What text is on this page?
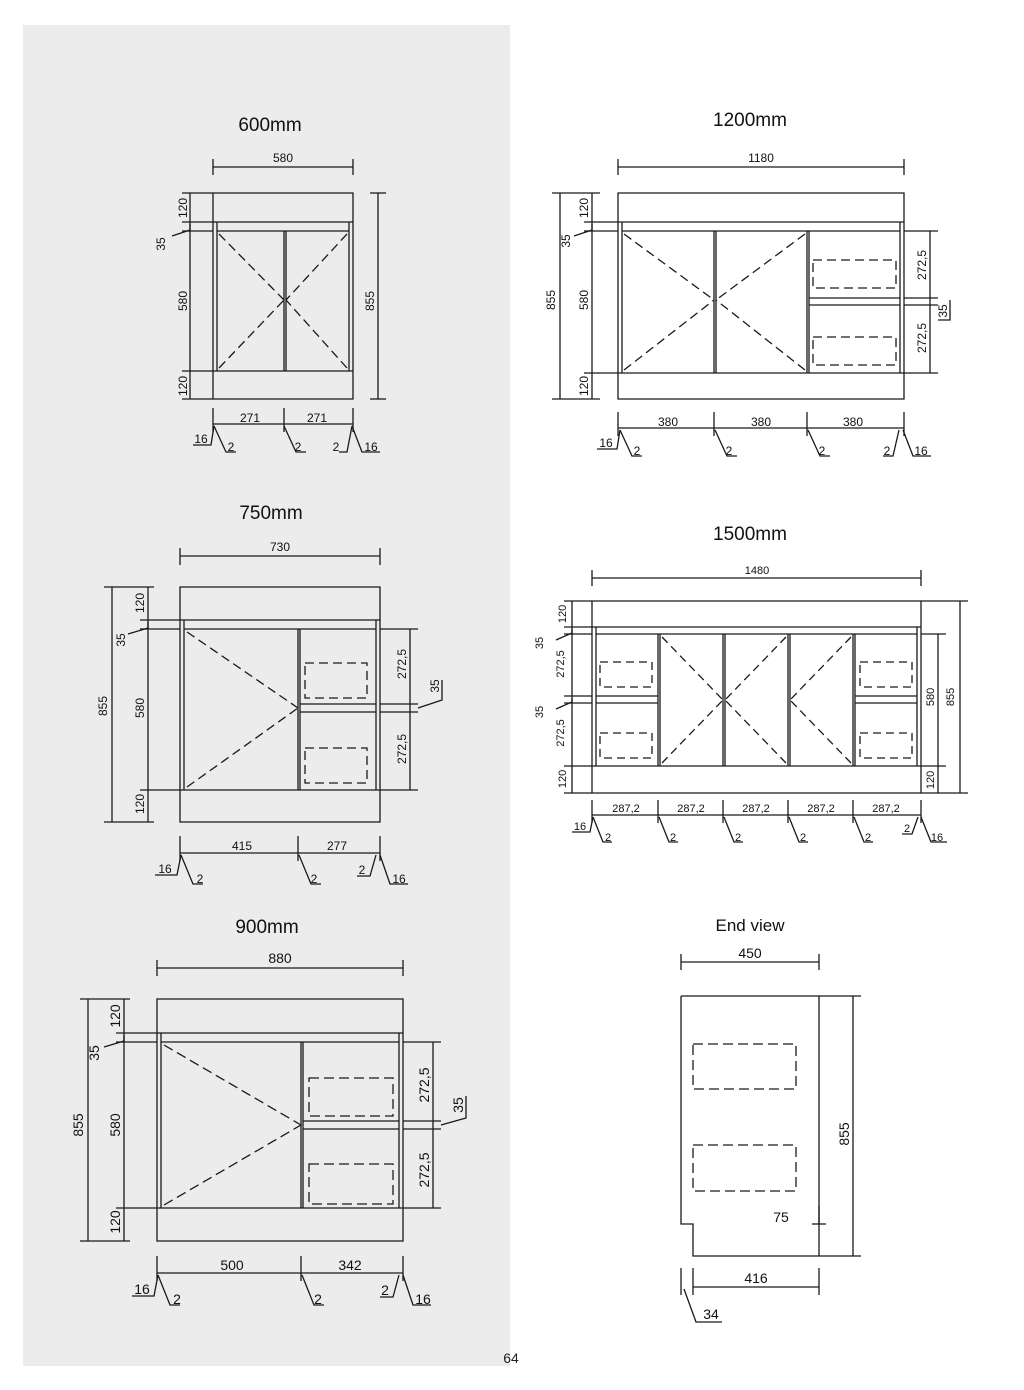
600mm
580
855
120
35
580
120
271	271
16
2	2	2 16
1200mm
1180
855
120
35
580
120
272,5
35
272,5
380	380	380
16
2	2	2	2 16
750mm
730
855
120
35
580
120
272,5
35
272,5
415	277
16
2	2
2
16
1500mm
1480
855
580
120
120
35
272,5
35
272,5
120
287,2	287,2	287,2	287,2	287,2
16
2	2	2	2	2
2
16
900mm
880
855
120
35
580
120
272,5
35
272,5
500	342
16
2	2
2
16
End view
450
855
75
416
34
64
